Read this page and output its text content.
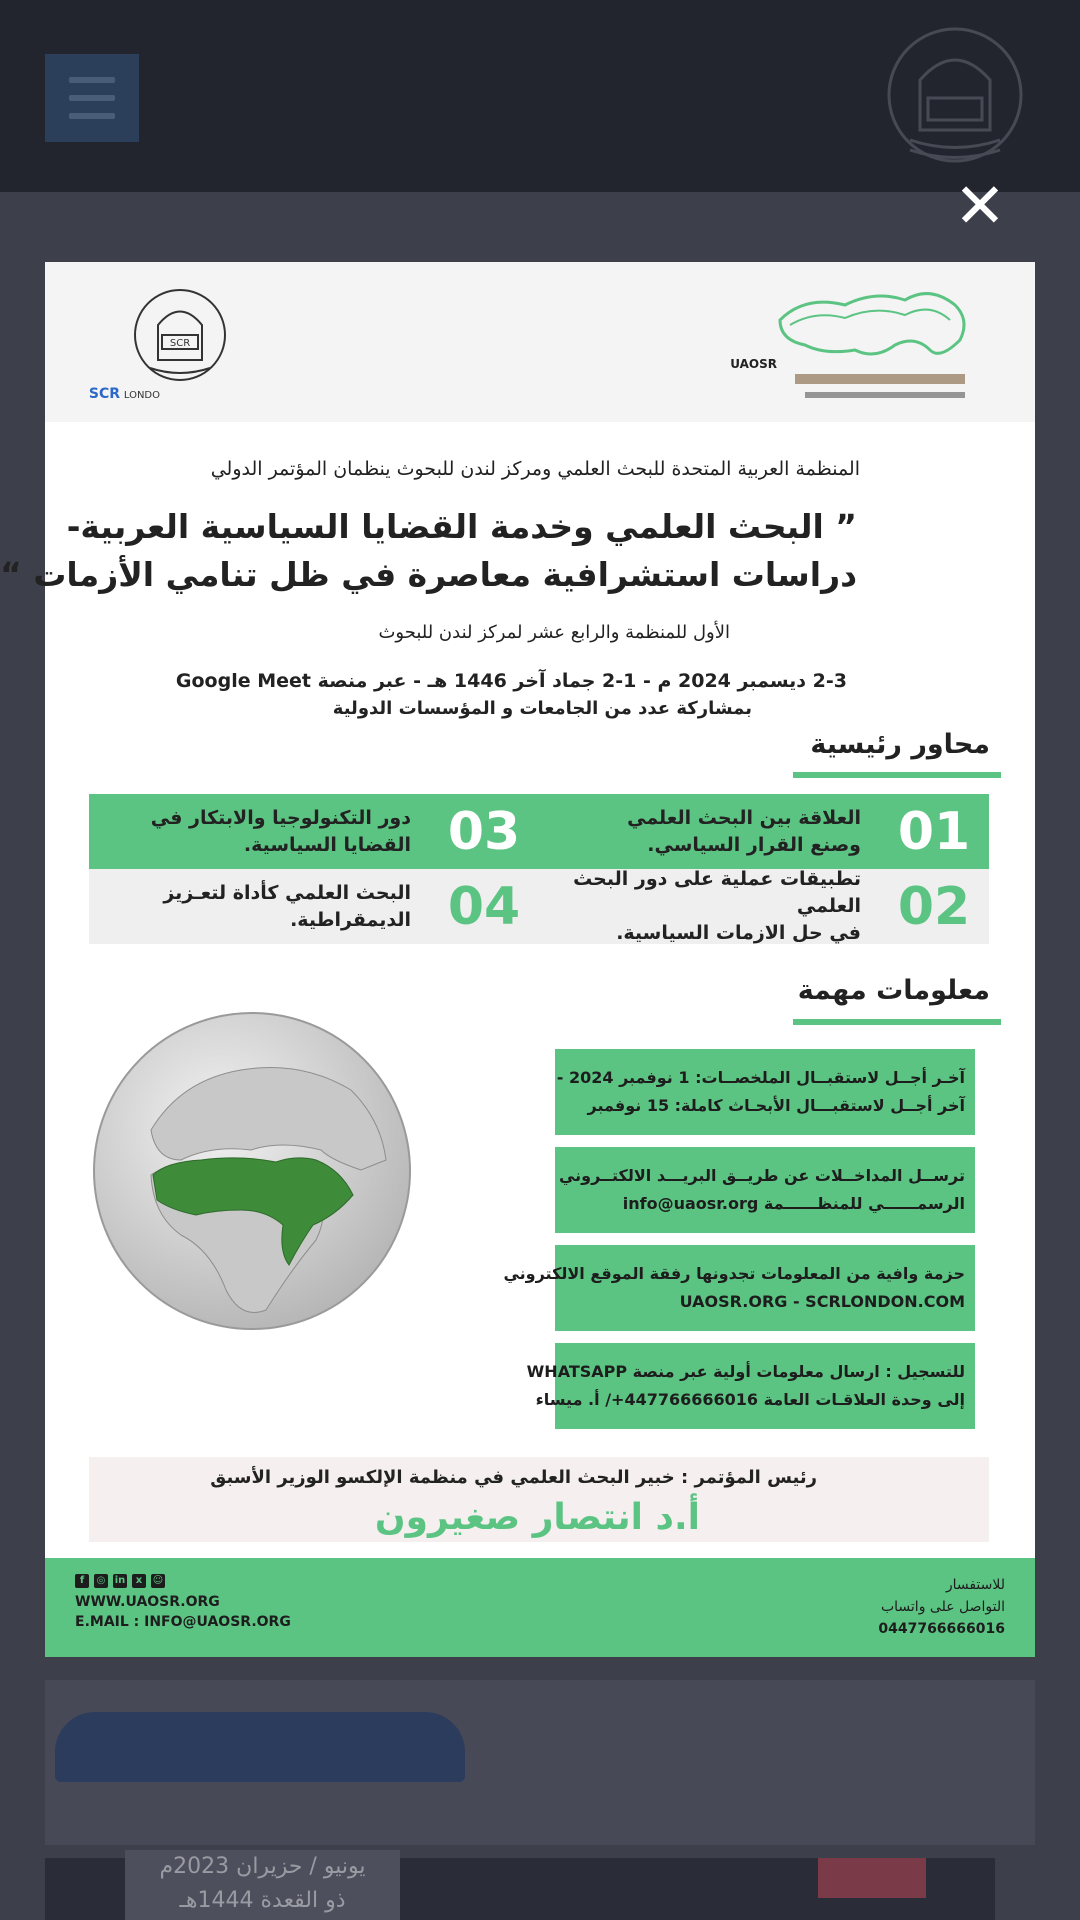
يونيو / حزيران 2023م
ذو القعدة 1444هـ
✕
SCR
SCR LONDO
UAOSR
المنظمة العربية المتحدة للبحث العلمي ومركز لندن للبحوث ينظمان المؤتمر الدولي
” البحث العلمي وخدمة القضايا السياسية العربية-
دراسات استشرافية معاصرة في ظل تنامي الأزمات “
الأول للمنظمة والرابع عشر لمركز لندن للبحوث
2-3 ديسمبر 2024 م - 1-2 جماد آخر 1446 هـ - عبر منصة Google Meet
بمشاركة عدد من الجامعات و المؤسسات الدولية
محاور رئيسية
01
العلاقة بين البحث العلمي
وصنع القرار السياسي.
02
تطبيقات عملية على دور البحث العلمي
في حل الازمات السياسية.
03
دور التكنولوجيا والابتكار في
القضايا السياسية.
04
البحث العلمي كأداة لتعـزيز
الديمقراطية.
معلومات مهمة
آخـر أجــل لاستقبــال الملخصــات: 1 نوفمبر 2024 -
آخر أجــل لاستقبـــال الأبحـاث كاملة: 15 نوفمبر
ترســل المداخــلات عن طريــق البريـــد الالكتــروني
الرسمــــــي للمنظــــــمة info@uaosr.org
حزمة وافية من المعلومات تجدونها رفقة الموقع الالكتروني
UAOSR.ORG - SCRLONDON.COM
للتسجيل : ارسال معلومات أولية عبر منصة WHATSAPP
إلى وحدة العلاقـات العامة 447766666016+/ أ. ميساء
رئيس المؤتمر : خبير البحث العلمي في منظمة الإلكسو الوزير الأسبق
أ.د انتصار صغيرون
للاستفسار
التواصل على واتساب
0447766666016
f	◎ in	x	☺
WWW.UAOSR.ORG
E.MAIL : INFO@UAOSR.ORG
